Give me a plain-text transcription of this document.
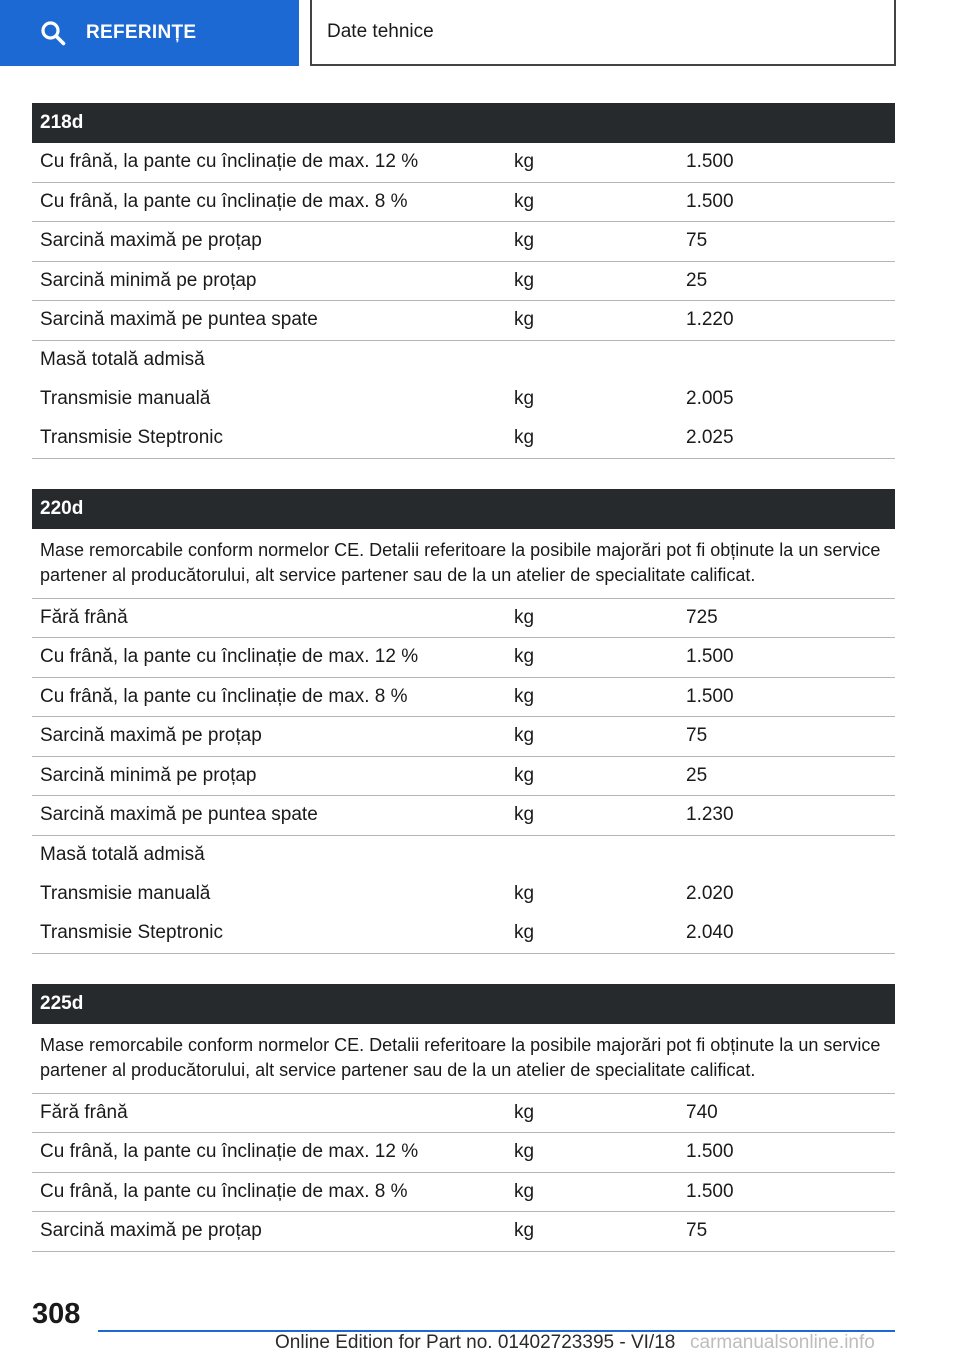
REFERINȚE	Date tehnice
218d
Cu frână, la pante cu înclinație de max. 12 %	kg	1.500
Cu frână, la pante cu înclinație de max. 8 %	kg	1.500
Sarcină maximă pe proțap	kg	75
Sarcină minimă pe proțap	kg	25
Sarcină maximă pe puntea spate	kg	1.220
Masă totală admisă
Transmisie manuală	kg	2.005
Transmisie Steptronic	kg	2.025
220d
Mase remorcabile conform normelor CE. Detalii referitoare la posibile majorări pot fi obținute la un service partener al producătorului, alt service partener sau de la un atelier de specialitate calificat.
Fără frână	kg	725
Cu frână, la pante cu înclinație de max. 12 %	kg	1.500
Cu frână, la pante cu înclinație de max. 8 %	kg	1.500
Sarcină maximă pe proțap	kg	75
Sarcină minimă pe proțap	kg	25
Sarcină maximă pe puntea spate	kg	1.230
Masă totală admisă
Transmisie manuală	kg	2.020
Transmisie Steptronic	kg	2.040
225d
Mase remorcabile conform normelor CE. Detalii referitoare la posibile majorări pot fi obținute la un service partener al producătorului, alt service partener sau de la un atelier de specialitate calificat.
Fără frână	kg	740
Cu frână, la pante cu înclinație de max. 12 %	kg	1.500
Cu frână, la pante cu înclinație de max. 8 %	kg	1.500
Sarcină maximă pe proțap	kg	75
308
Online Edition for Part no. 01402723395 - VI/18 carmanualsonline.info
